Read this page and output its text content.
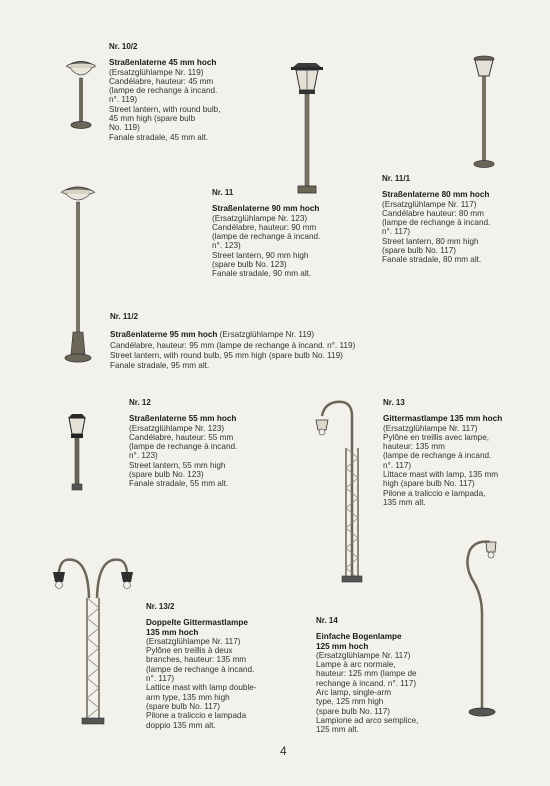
Nr. 10/2
Straßenlaterne 45 mm hoch
(Ersatzglühlampe Nr. 119)
Candélabre, hauteur: 45 mm
(lampe de rechange à incand.
n°. 119)
Street lantern, with round bulb,
45 mm high (spare bulb
No. 119)
Fanale stradale, 45 mm alt.
Nr. 11
Straßenlaterne 90 mm hoch
(Ersatzglühlampe Nr. 123)
Candélabre, hauteur: 90 mm
(lampe de rechange à incand.
n°. 123)
Street lantern, 90 mm high
(spare bulb No. 123)
Fanale stradale, 90 mm alt.
Nr. 11/1
Straßenlaterne 80 mm hoch
(Ersatzglühlampe Nr. 117)
Candélabre hauteur: 80 mm
(lampe de rechange à incand.
n°. 117)
Street lantern, 80 mm high
(spare bulb No. 117)
Fanale stradale, 80 mm alt.
Nr. 11/2
Straßenlaterne 95 mm hoch (Ersatzglühlampe Nr. 119)
Candélabre, hauteur: 95 mm (lampe de rechange à incand. n°. 119)
Street lantern, with round bulb, 95 mm high (spare bulb No. 119)
Fanale stradale, 95 mm alt.
Nr. 12
Straßenlaterne 55 mm hoch
(Ersatzglühlampe Nr. 123)
Candélabre, hauteur: 55 mm
(lampe de rechange à incand.
n°. 123)
Street lantern, 55 mm high
(spare bulb No. 123)
Fanale stradale, 55 mm alt.
Nr. 13
Gittermastlampe 135 mm hoch
(Ersatzglühlampe Nr. 117)
Pylône en treillis avec lampe,
hauteur: 135 mm
(lampe de rechange à incand.
n°. 117)
Littace mast with lamp, 135 mm
high (spare bulb No. 117)
Pilone a traliccio e lampada,
135 mm alt.
Nr. 13/2
Doppelte Gittermastlampe
135 mm hoch
(Ersatzglühlampe Nr. 117)
Pylône en treillis à deux
branches, hauteur: 135 mm
(lampe de rechange à incand.
n°. 117)
Lattice mast with lamp double-
arm type, 135 mm high
(spare bulb No. 117)
Pilone a traliccio e lampada
doppio 135 mm alt.
Nr. 14
Einfache Bogenlampe
125 mm hoch
(Ersatzglühlampe Nr. 117)
Lampe à arc normale,
hauteur: 125 mm (lampe de
rechange à incand. n°. 117)
Arc lamp, single-arm
type, 125 mm high
(spare bulb No. 117)
Lampione ad arco semplice,
125 mm alt.
4
